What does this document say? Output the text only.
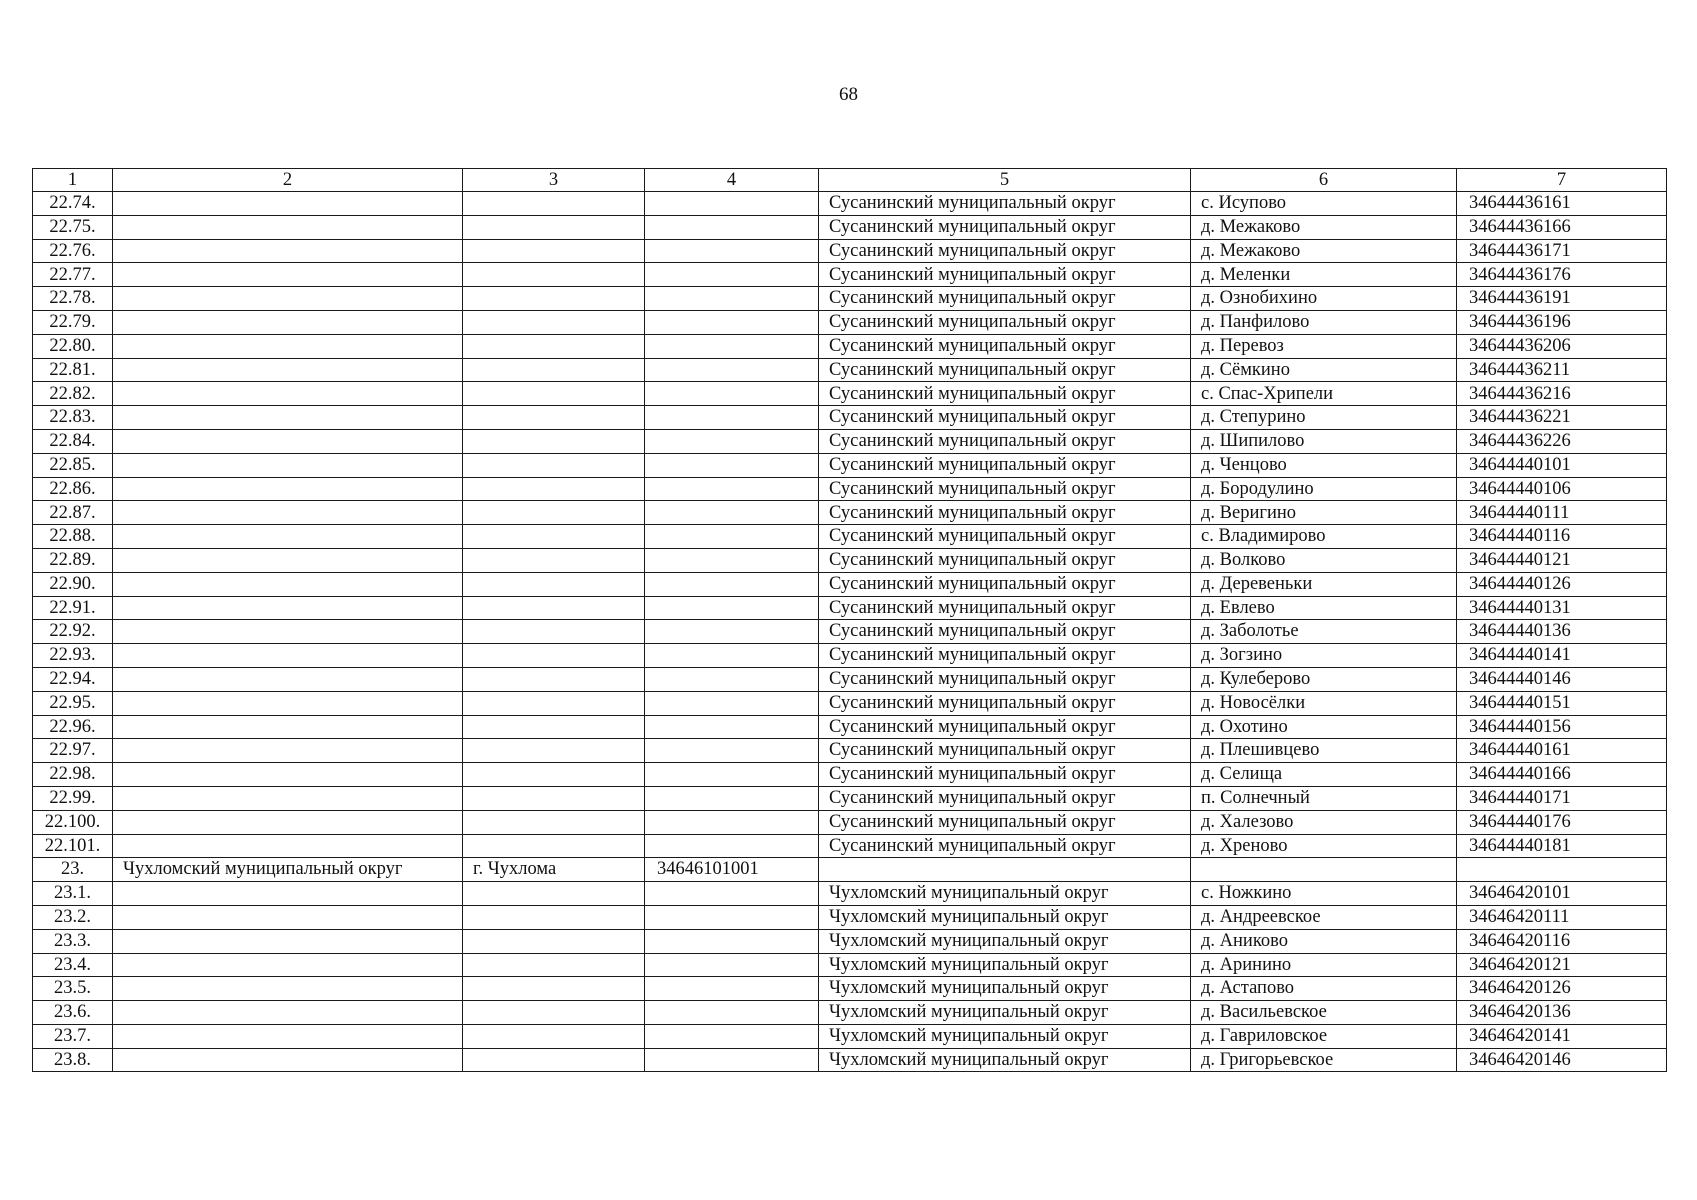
68
1	2	3	4	5	6	7
22.74.				Сусанинский муниципальный округ	с. Исупово	34644436161
22.75.				Сусанинский муниципальный округ	д. Межаково	34644436166
22.76.				Сусанинский муниципальный округ	д. Межаково	34644436171
22.77.				Сусанинский муниципальный округ	д. Меленки	34644436176
22.78.				Сусанинский муниципальный округ	д. Ознобихино	34644436191
22.79.				Сусанинский муниципальный округ	д. Панфилово	34644436196
22.80.				Сусанинский муниципальный округ	д. Перевоз	34644436206
22.81.				Сусанинский муниципальный округ	д. Сёмкино	34644436211
22.82.				Сусанинский муниципальный округ	с. Спас-Хрипели	34644436216
22.83.				Сусанинский муниципальный округ	д. Степурино	34644436221
22.84.				Сусанинский муниципальный округ	д. Шипилово	34644436226
22.85.				Сусанинский муниципальный округ	д. Ченцово	34644440101
22.86.				Сусанинский муниципальный округ	д. Бородулино	34644440106
22.87.				Сусанинский муниципальный округ	д. Веригино	34644440111
22.88.				Сусанинский муниципальный округ	с. Владимирово	34644440116
22.89.				Сусанинский муниципальный округ	д. Волково	34644440121
22.90.				Сусанинский муниципальный округ	д. Деревеньки	34644440126
22.91.				Сусанинский муниципальный округ	д. Евлево	34644440131
22.92.				Сусанинский муниципальный округ	д. Заболотье	34644440136
22.93.				Сусанинский муниципальный округ	д. Зогзино	34644440141
22.94.				Сусанинский муниципальный округ	д. Кулеберово	34644440146
22.95.				Сусанинский муниципальный округ	д. Новосёлки	34644440151
22.96.				Сусанинский муниципальный округ	д. Охотино	34644440156
22.97.				Сусанинский муниципальный округ	д. Плешивцево	34644440161
22.98.				Сусанинский муниципальный округ	д. Селища	34644440166
22.99.				Сусанинский муниципальный округ	п. Солнечный	34644440171
22.100.				Сусанинский муниципальный округ	д. Халезово	34644440176
22.101.				Сусанинский муниципальный округ	д. Хреново	34644440181
23.	Чухломский муниципальный округ	г. Чухлома	34646101001			
23.1.				Чухломский муниципальный округ	с. Ножкино	34646420101
23.2.				Чухломский муниципальный округ	д. Андреевское	34646420111
23.3.				Чухломский муниципальный округ	д. Аниково	34646420116
23.4.				Чухломский муниципальный округ	д. Аринино	34646420121
23.5.				Чухломский муниципальный округ	д. Астапово	34646420126
23.6.				Чухломский муниципальный округ	д. Васильевское	34646420136
23.7.				Чухломский муниципальный округ	д. Гавриловское	34646420141
23.8.				Чухломский муниципальный округ	д. Григорьевское	34646420146
